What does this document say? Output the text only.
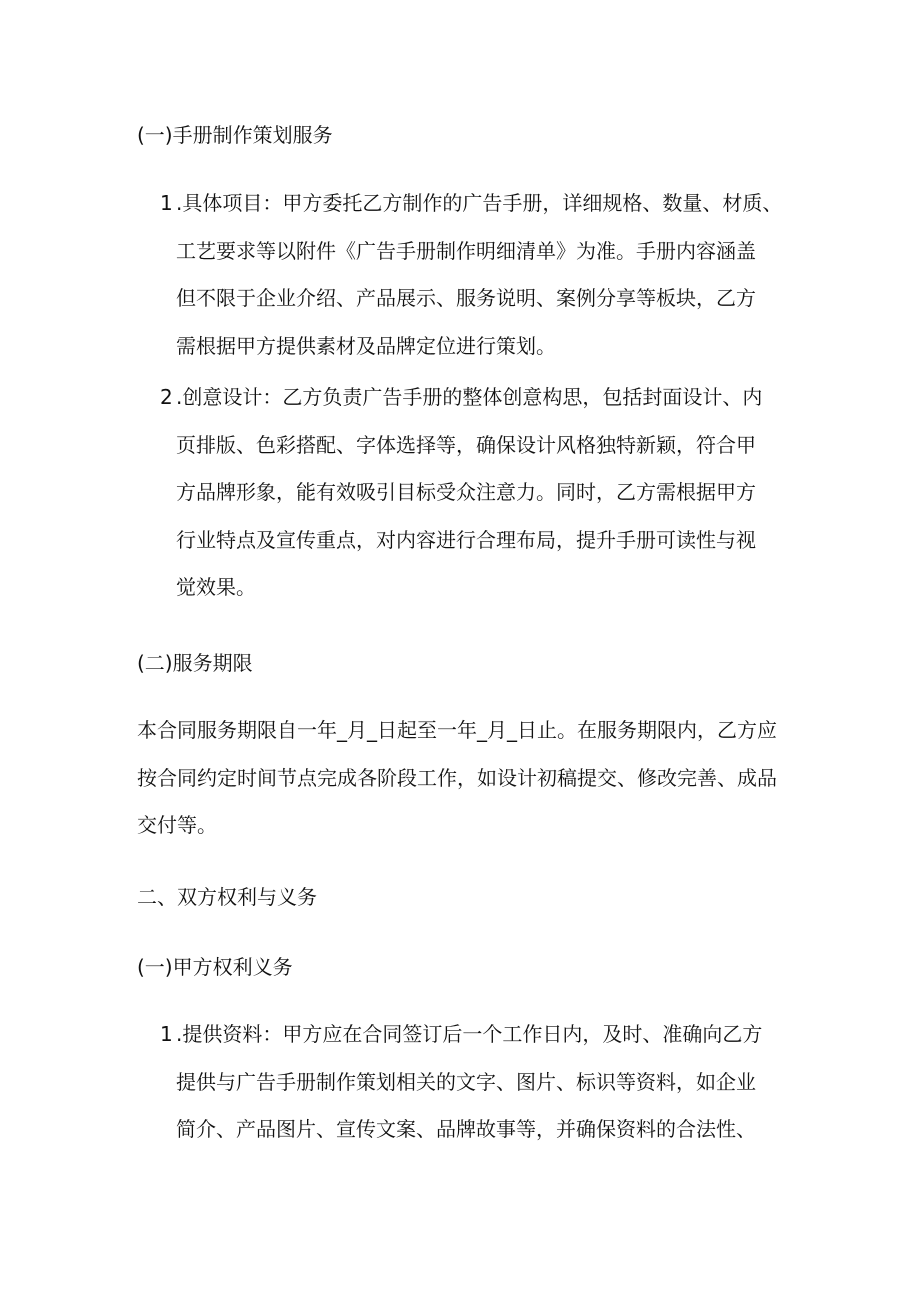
(一)手册制作策划服务

1 .具体项目：甲方委托乙方制作的广告手册，详细规格、数量、材质、
工艺要求等以附件《广告手册制作明细清单》为准。手册内容涵盖
但不限于企业介绍、产品展示、服务说明、案例分享等板块，乙方
需根据甲方提供素材及品牌定位进行策划。
2 .创意设计：乙方负责广告手册的整体创意构思，包括封面设计、内
页排版、色彩搭配、字体选择等，确保设计风格独特新颖，符合甲
方品牌形象，能有效吸引目标受众注意力。同时，乙方需根据甲方
行业特点及宣传重点，对内容进行合理布局，提升手册可读性与视
觉效果。

(二)服务期限

本合同服务期限自一年_月_日起至一年_月_日止。在服务期限内，乙方应
按合同约定时间节点完成各阶段工作，如设计初稿提交、修改完善、成品
交付等。

二、双方权利与义务

(一)甲方权利义务

1 .提供资料：甲方应在合同签订后一个工作日内，及时、准确向乙方
提供与广告手册制作策划相关的文字、图片、标识等资料，如企业
简介、产品图片、宣传文案、品牌故事等，并确保资料的合法性、
